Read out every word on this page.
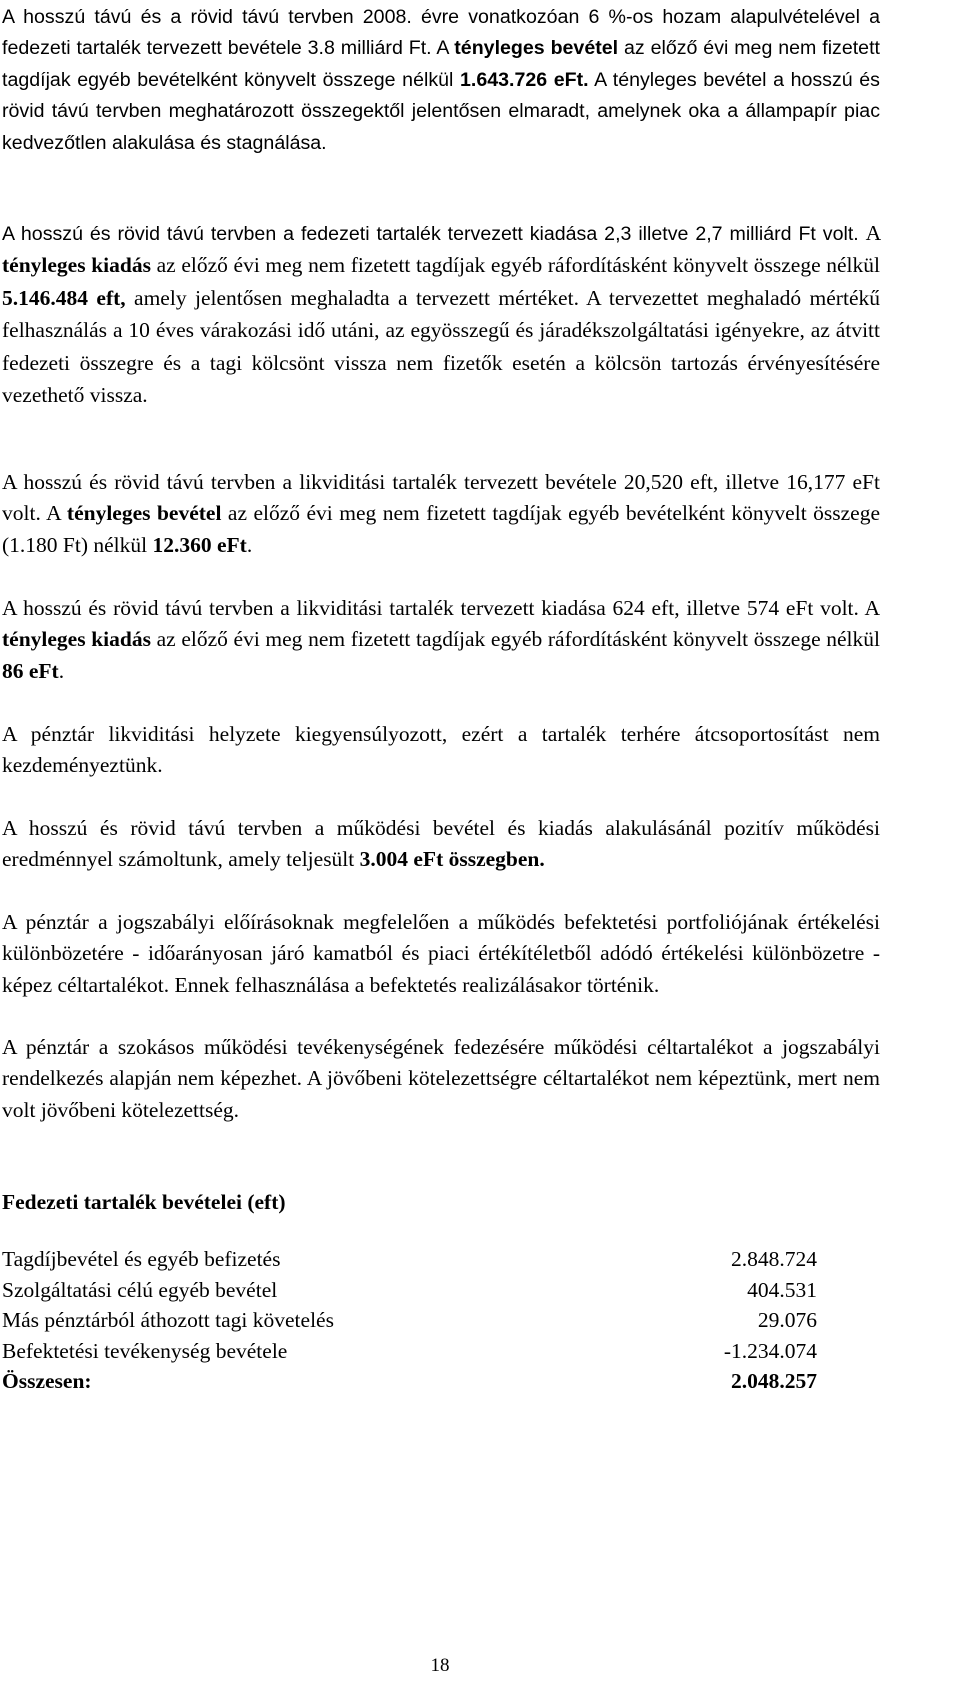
A hosszú távú és a rövid távú tervben 2008. évre vonatkozóan 6 %-os hozam alapulvételével a fedezeti tartalék tervezett bevétele 3.8 milliárd Ft. A tényleges bevétel az előző évi meg nem fizetett tagdíjak egyéb bevételként könyvelt összege nélkül 1.643.726 eFt. A tényleges bevétel a hosszú és rövid távú tervben meghatározott összegektől jelentősen elmaradt, amelynek oka a állampapír piac kedvezőtlen alakulása és stagnálása.

A hosszú és rövid távú tervben a fedezeti tartalék tervezett kiadása 2,3 illetve 2,7 milliárd Ft volt. A tényleges kiadás az előző évi meg nem fizetett tagdíjak egyéb ráfordításként könyvelt összege nélkül 5.146.484 eft, amely jelentősen meghaladta a tervezett mértéket. A tervezettet meghaladó mértékű felhasználás a 10 éves várakozási idő utáni, az egyösszegű és járadékszolgáltatási igényekre, az átvitt fedezeti összegre és a tagi kölcsönt vissza nem fizetők esetén a kölcsön tartozás érvényesítésére vezethető vissza.

A hosszú és rövid távú tervben a likviditási tartalék tervezett bevétele 20,520 eft, illetve 16,177 eFt volt. A tényleges bevétel az előző évi meg nem fizetett tagdíjak egyéb bevételként könyvelt összege (1.180 Ft) nélkül 12.360 eFt.

A hosszú és rövid távú tervben a likviditási tartalék tervezett kiadása 624 eft, illetve 574 eFt volt. A tényleges kiadás az előző évi meg nem fizetett tagdíjak egyéb ráfordításként könyvelt összege nélkül 86 eFt.

A pénztár likviditási helyzete kiegyensúlyozott, ezért a tartalék terhére átcsoportosítást nem kezdeményeztünk.

A hosszú és rövid távú tervben a működési bevétel és kiadás alakulásánál pozitív működési eredménnyel számoltunk, amely teljesült 3.004 eFt összegben.

A pénztár a jogszabályi előírásoknak megfelelően a működés befektetési portfoliójának értékelési különbözetére - időarányosan járó kamatból és piaci értékítéletből adódó értékelési különbözetre - képez céltartalékot. Ennek felhasználása a befektetés realizálásakor történik.

A pénztár a szokásos működési tevékenységének fedezésére működési céltartalékot a jogszabályi rendelkezés alapján nem képezhet. A jövőbeni kötelezettségre céltartalékot nem képeztünk, mert nem volt jövőbeni kötelezettség.

Fedezeti tartalék bevételei (eft)

Tagdíjbevétel és egyéb befizetés	2.848.724
Szolgáltatási célú egyéb bevétel	404.531
Más pénztárból áthozott tagi követelés	29.076
Befektetési tevékenység bevétele	-1.234.074
Összesen:	2.048.257
18
